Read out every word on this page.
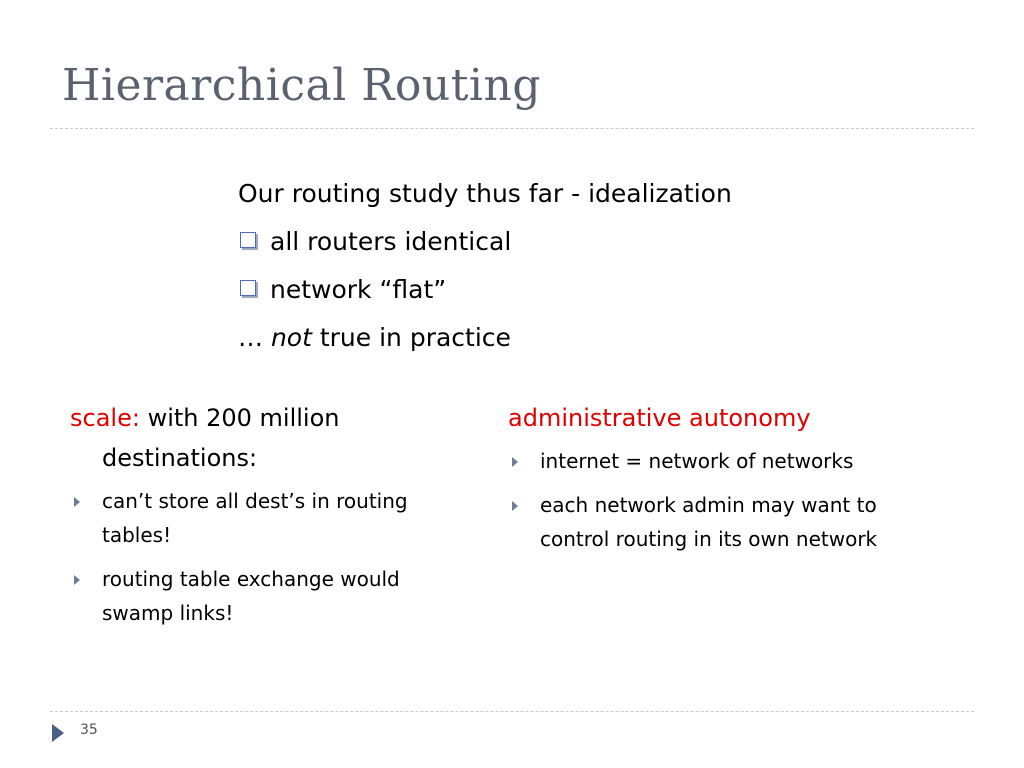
Hierarchical Routing
Our routing study thus far - idealization
all routers identical
network “flat”
… not true in practice
scale: with 200 million destinations:
can’t store all dest’s in routing tables!
routing table exchange would swamp links!
administrative autonomy
internet = network of networks
each network admin may want to control routing in its own network
35
